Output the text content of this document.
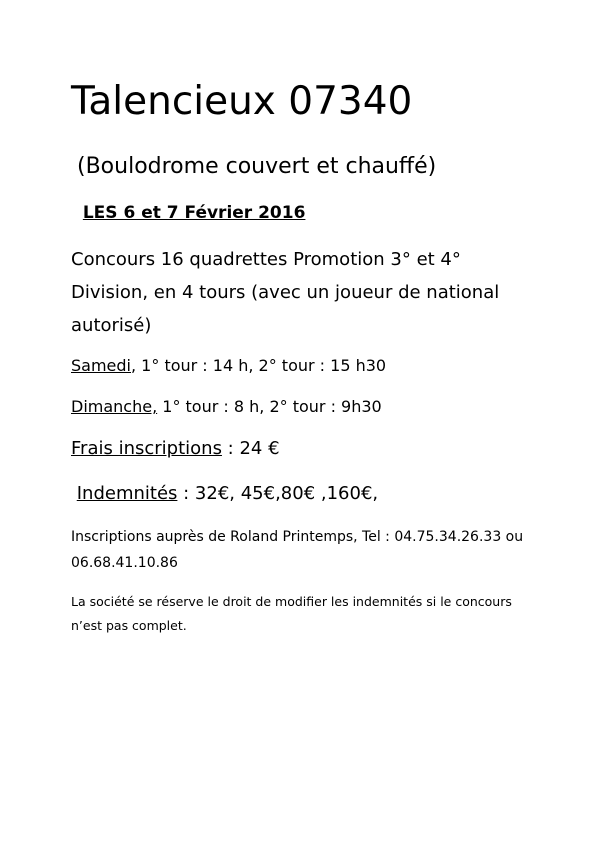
Talencieux 07340

(Boulodrome couvert et chauffé)

LES 6 et 7 Février 2016

Concours 16 quadrettes Promotion 3° et 4° Division, en 4 tours (avec un joueur de national autorisé)

Samedi, 1° tour : 14 h, 2° tour : 15 h30

Dimanche, 1° tour : 8 h, 2° tour : 9h30

Frais inscriptions : 24 €

Indemnités : 32€, 45€,80€ ,160€,

Inscriptions auprès de Roland Printemps, Tel : 04.75.34.26.33 ou 06.68.41.10.86

La société se réserve le droit de modifier les indemnités si le concours n’est pas complet.
